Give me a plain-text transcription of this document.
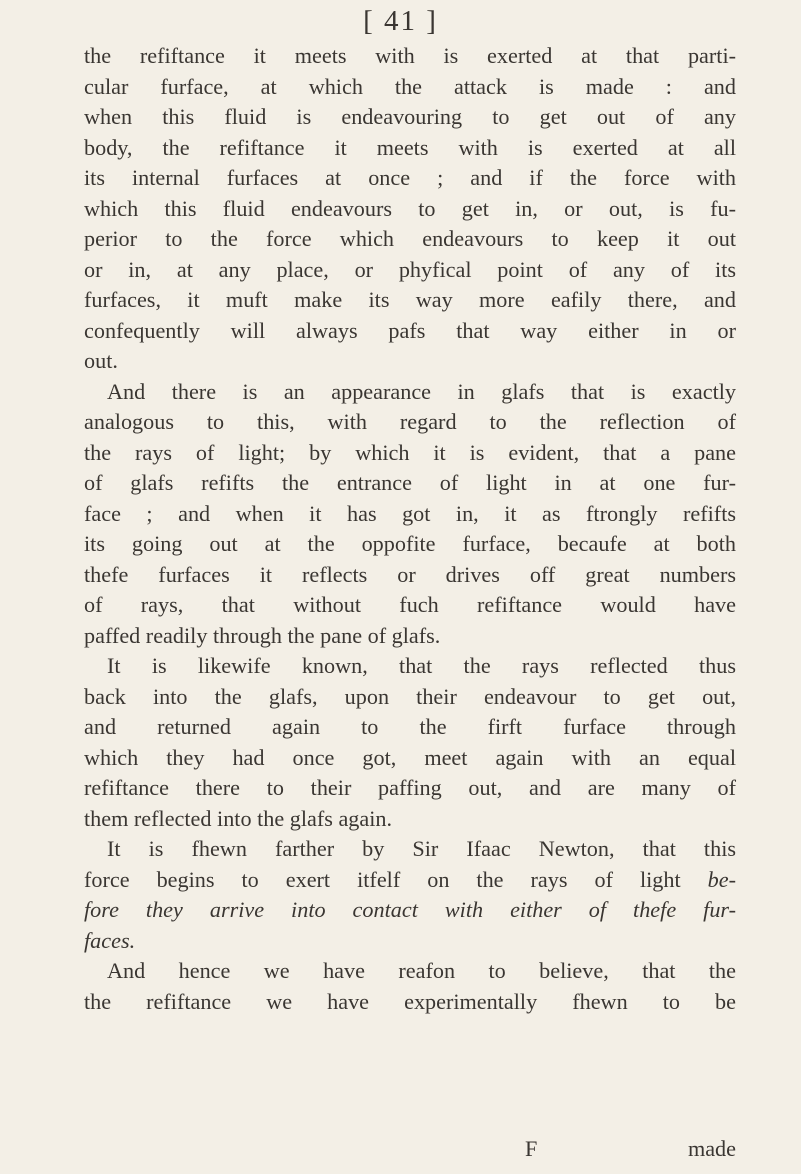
[ 41 ]
the refiftance it meets with is exerted at that parti-
cular furface, at which the attack is made : and
when this fluid is endeavouring to get out of any
body, the refiftance it meets with is exerted at all
its internal furfaces at once ; and if the force with
which this fluid endeavours to get in, or out, is fu-
perior to the force which endeavours to keep it out
or in, at any place, or phyfical point of any of its
furfaces, it muft make its way more eafily there, and
confequently will always pafs that way either in or
out.
And there is an appearance in glafs that is exactly
analogous to this, with regard to the reflection of
the rays of light; by which it is evident, that a pane
of glafs refifts the entrance of light in at one fur-
face ; and when it has got in, it as ftrongly refifts
its going out at the oppofite furface, becaufe at both
thefe furfaces it reflects or drives off great numbers
of rays, that without fuch refiftance would have
paffed readily through the pane of glafs.
It is likewife known, that the rays reflected thus
back into the glafs, upon their endeavour to get out,
and returned again to the firft furface through
which they had once got, meet again with an equal
refiftance there to their paffing out, and are many of
them reflected into the glafs again.
It is fhewn farther by Sir Ifaac Newton, that this
force begins to exert itfelf on the rays of light be-
fore they arrive into contact with either of thefe fur-
faces.
And hence we have reafon to believe, that the
the refiftance we have experimentally fhewn to be
F	made
